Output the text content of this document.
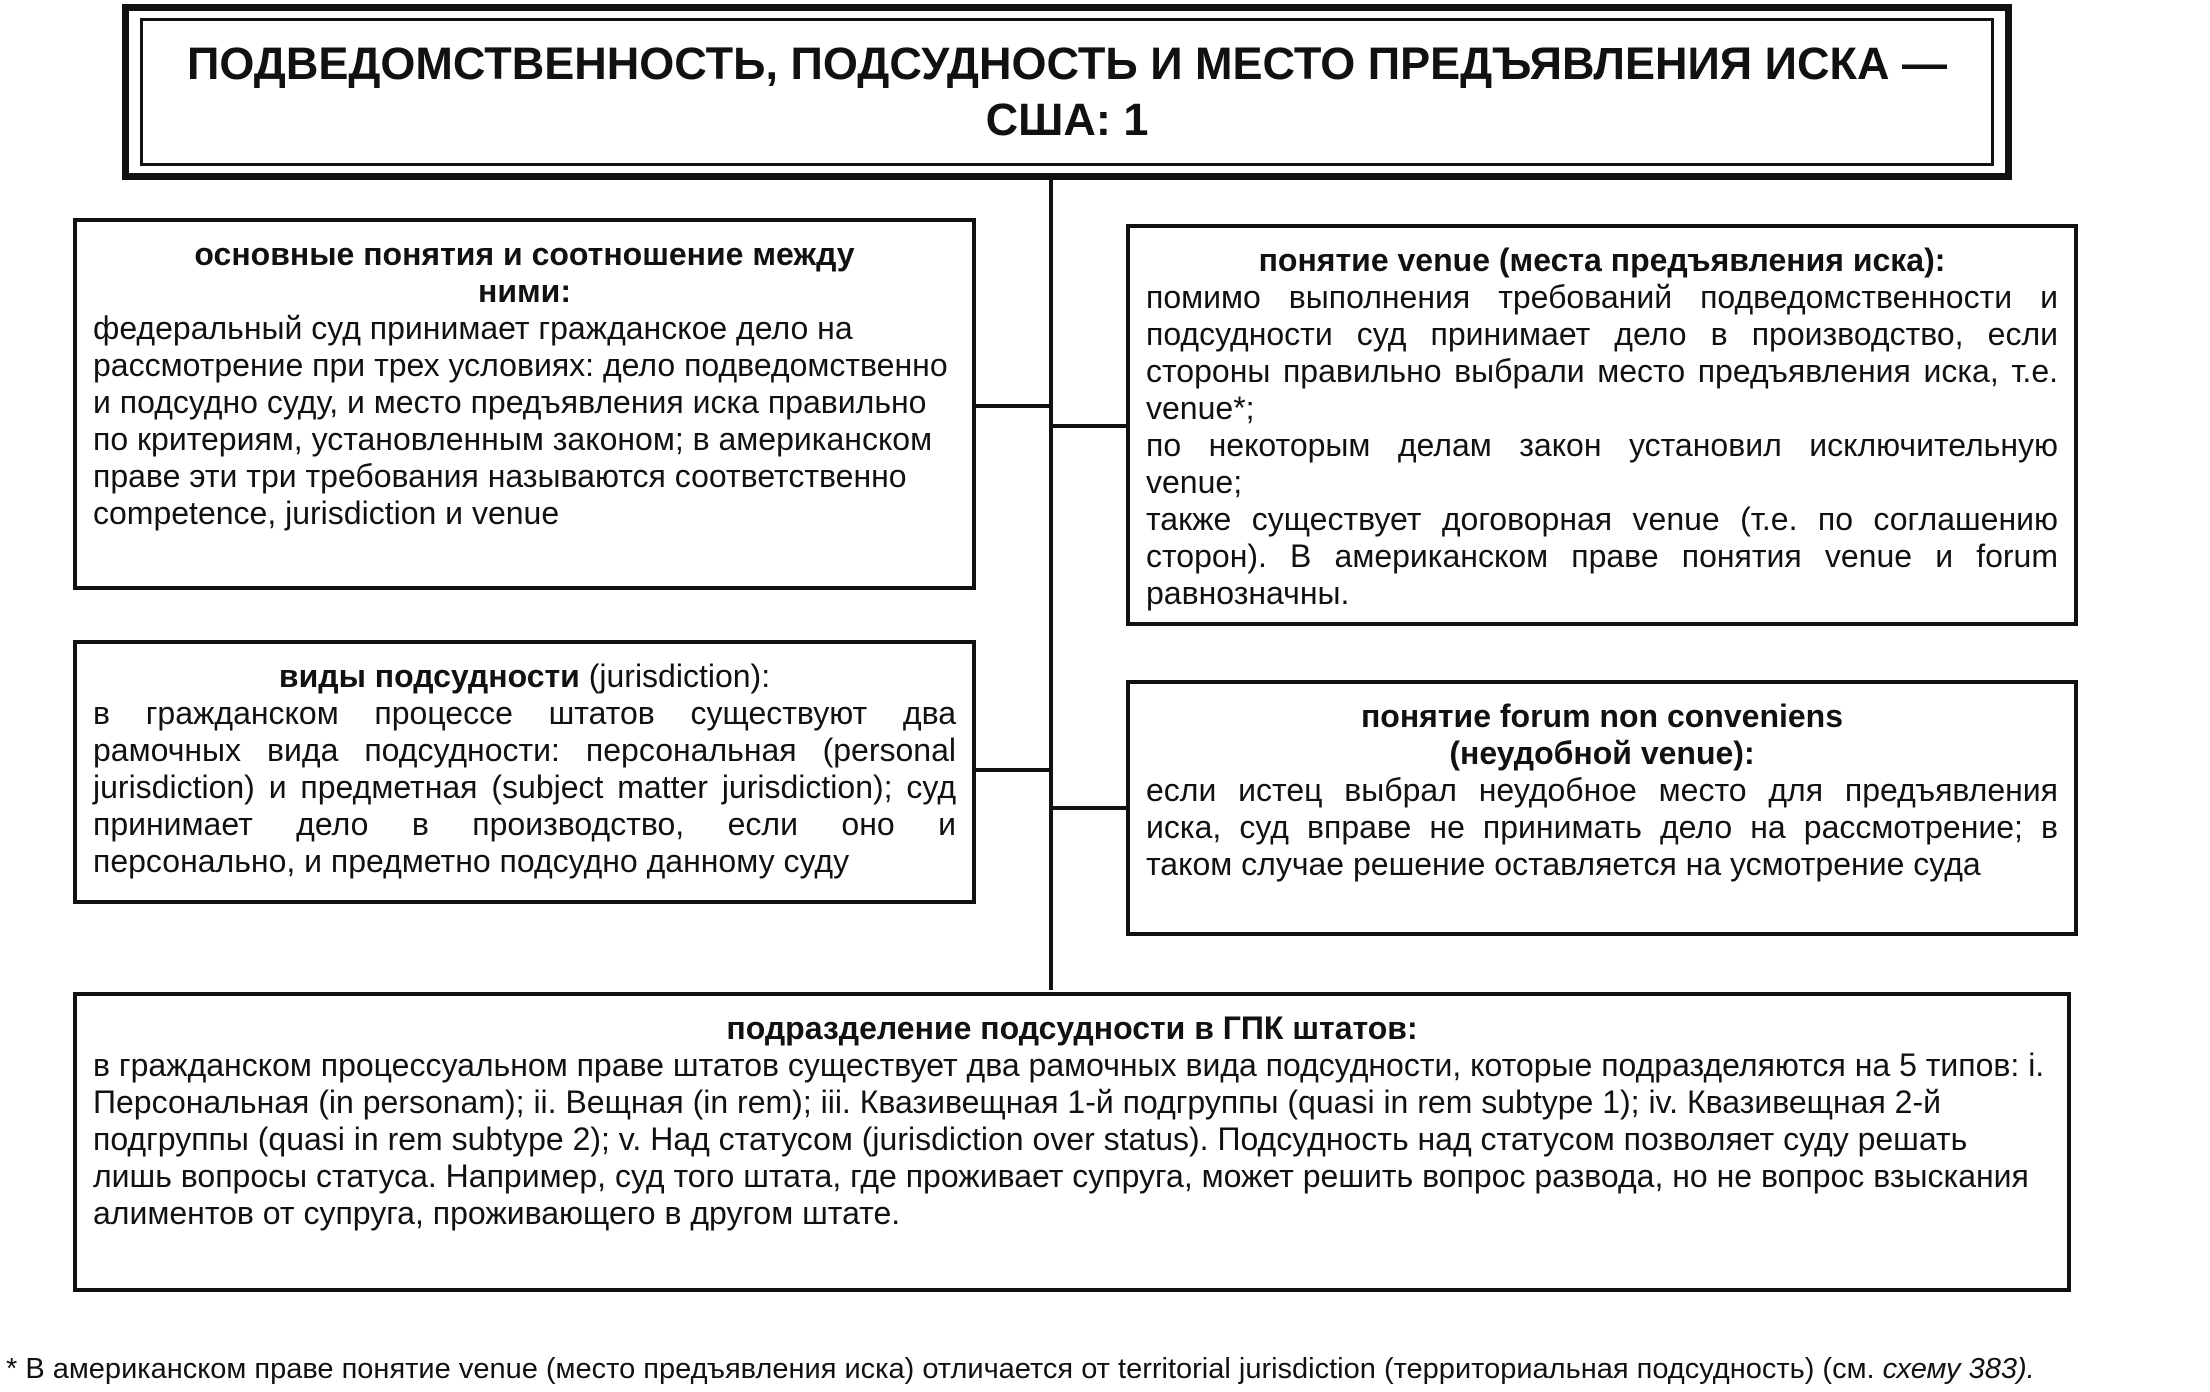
ПОДВЕДОМСТВЕННОСТЬ, ПОДСУДНОСТЬ И МЕСТО ПРЕДЪЯВЛЕНИЯ ИСКА —
США: 1
основные понятия и соотношение между ними:

федеральный суд принимает гражданское дело на рассмотрение при трех условиях: дело подведомственно и подсудно суду, и место предъявления иска правильно по критериям, установленным законом; в американском праве эти три требования называются соответственно competence, jurisdiction и venue

виды подсудности (jurisdiction):

в гражданском процессе штатов существуют два рамочных вида подсудности: персональная (personal jurisdiction) и предметная (subject matter jurisdiction); суд принимает дело в производство, если оно и персонально, и предметно подсудно данному суду

понятие venue (места предъявления иска):

помимо выполнения требований подведомственности и подсудности суд принимает дело в производство, если стороны правильно выбрали место предъявления иска, т.е. venue*;

по некоторым делам закон установил исключительную venue;

также существует договорная venue (т.е. по соглашению сторон). В американском праве понятия venue и forum равнозначны.

понятие forum non conveniens
(неудобной venue):

если истец выбрал неудобное место для предъявления иска, суд вправе не принимать дело на рассмотрение; в таком случае решение оставляется на усмотрение суда

подразделение подсудности в ГПК штатов:

в гражданском процессуальном праве штатов существует два рамочных вида подсудности, которые подразделяются на 5 типов: i. Персональная (in personam); ii. Вещная (in rem); iii. Квазивещная 1-й подгруппы (quasi in rem subtype 1); iv. Квазивещная 2-й подгруппы (quasi in rem subtype 2); v. Над статусом (jurisdiction over status). Подсудность над статусом позволяет суду решать лишь вопросы статуса. Например, суд того штата, где проживает супруга, может решить вопрос развода, но не вопрос взыскания алиментов от супруга, проживающего в другом штате.

* В американском праве понятие venue (место предъявления иска) отличается от territorial jurisdiction (территориальная подсудность) (см. схему 383).
